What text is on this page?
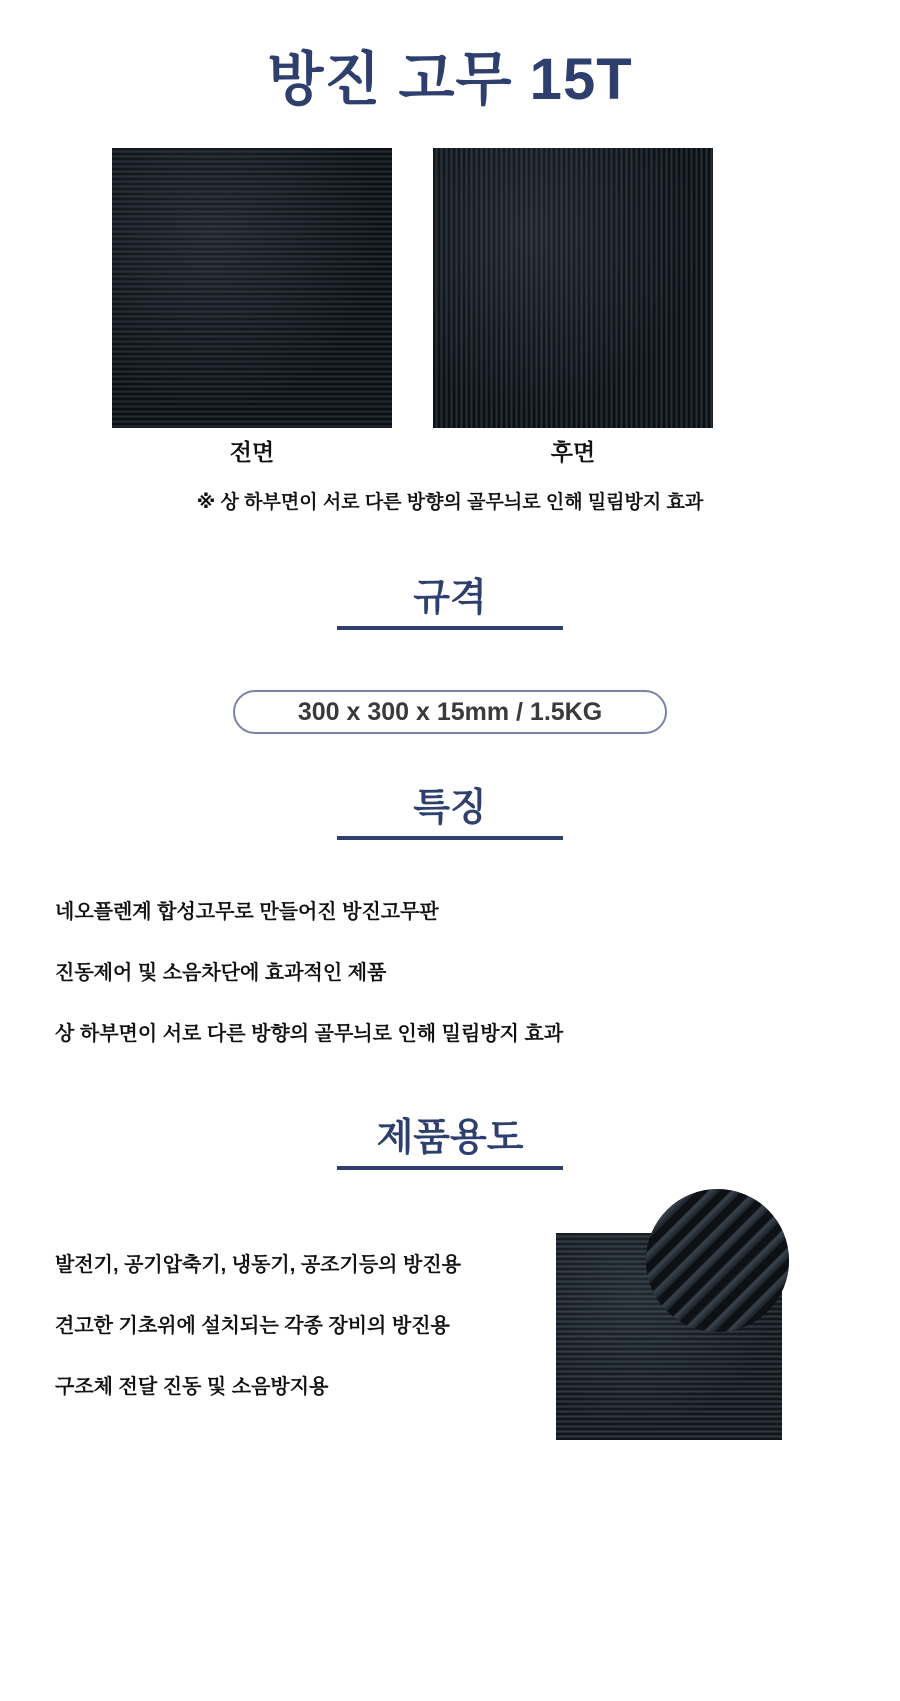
방진 고무 15T
전면	후면
※ 상 하부면이 서로 다른 방향의 골무늬로 인해 밀림방지 효과
규격
300 x 300 x 15mm / 1.5KG
특징
네오플렌계 합성고무로 만들어진 방진고무판
진동제어 및 소음차단에 효과적인 제품
상 하부면이 서로 다른 방향의 골무늬로 인해 밀림방지 효과
제품용도
발전기, 공기압축기, 냉동기, 공조기등의 방진용
견고한 기초위에 설치되는 각종 장비의 방진용
구조체 전달 진동 및 소음방지용
